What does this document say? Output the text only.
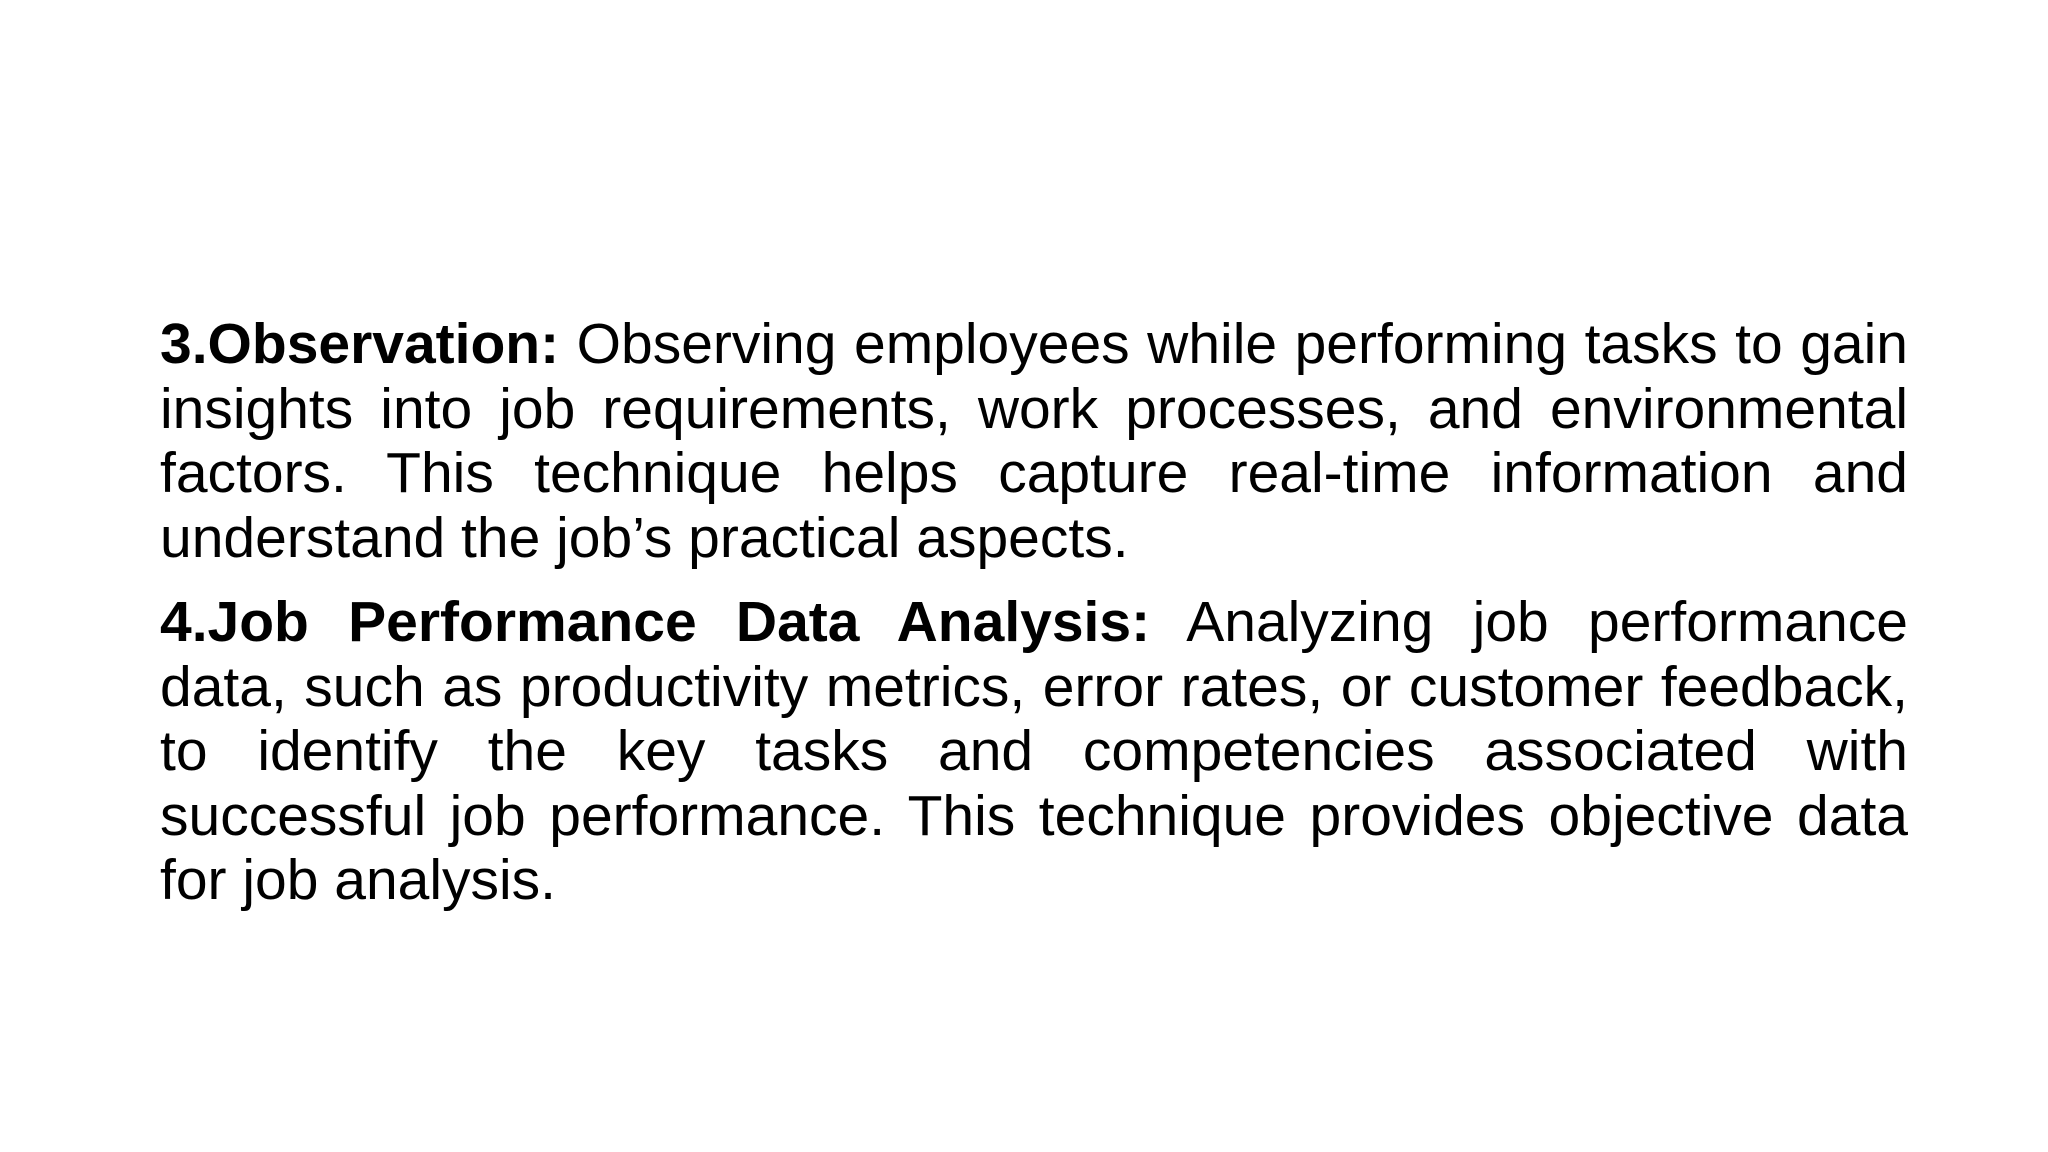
3.Observation: Observing employees while performing tasks to gain insights into job requirements, work processes, and environmental factors. This technique helps capture real-time information and understand the job’s practical aspects.

4.Job Performance Data Analysis: Analyzing job performance data, such as productivity metrics, error rates, or customer feedback, to identify the key tasks and competencies associated with successful job performance. This technique provides objective data for job analysis.
